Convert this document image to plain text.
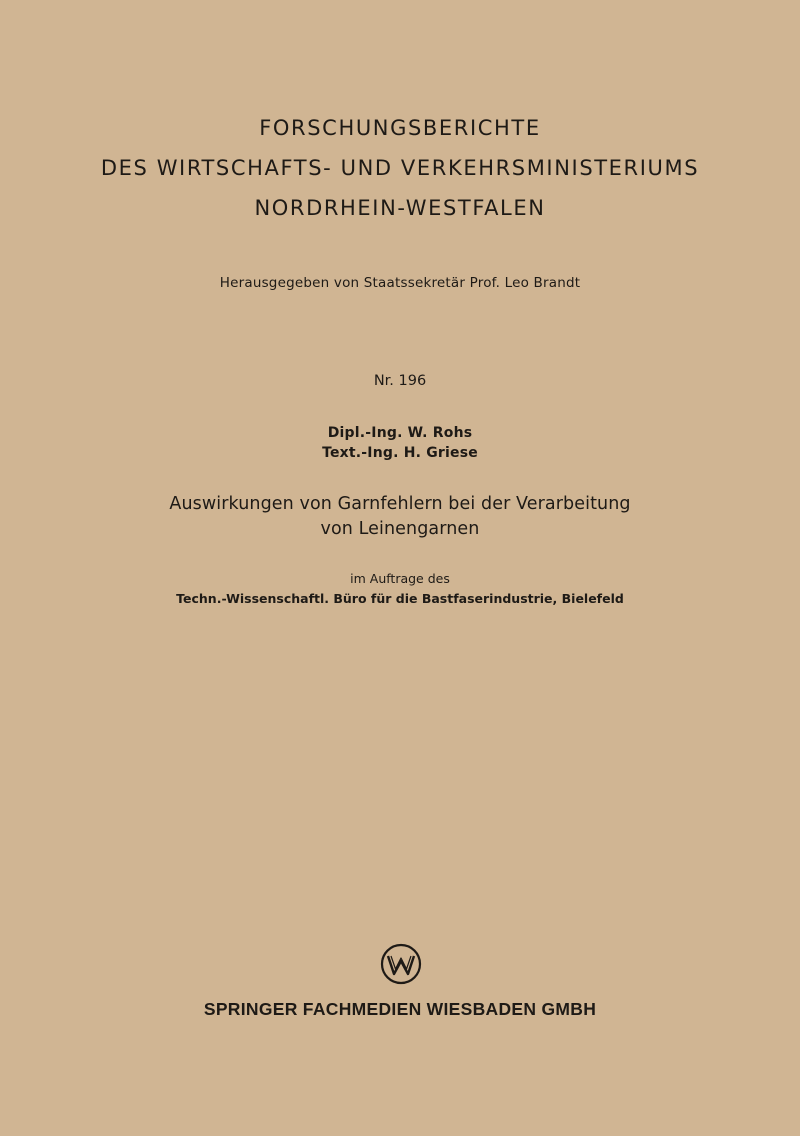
FORSCHUNGSBERICHTE
DES WIRTSCHAFTS- UND VERKEHRSMINISTERIUMS
NORDRHEIN-WESTFALEN
Herausgegeben von Staatssekretär Prof. Leo Brandt
Nr. 196
Dipl.-Ing. W. Rohs
Text.-Ing. H. Griese
Auswirkungen von Garnfehlern bei der Verarbeitung
von Leinengarnen
im Auftrage des
Techn.-Wissenschaftl. Büro für die Bastfaserindustrie, Bielefeld
SPRINGER FACHMEDIEN WIESBADEN GMBH
